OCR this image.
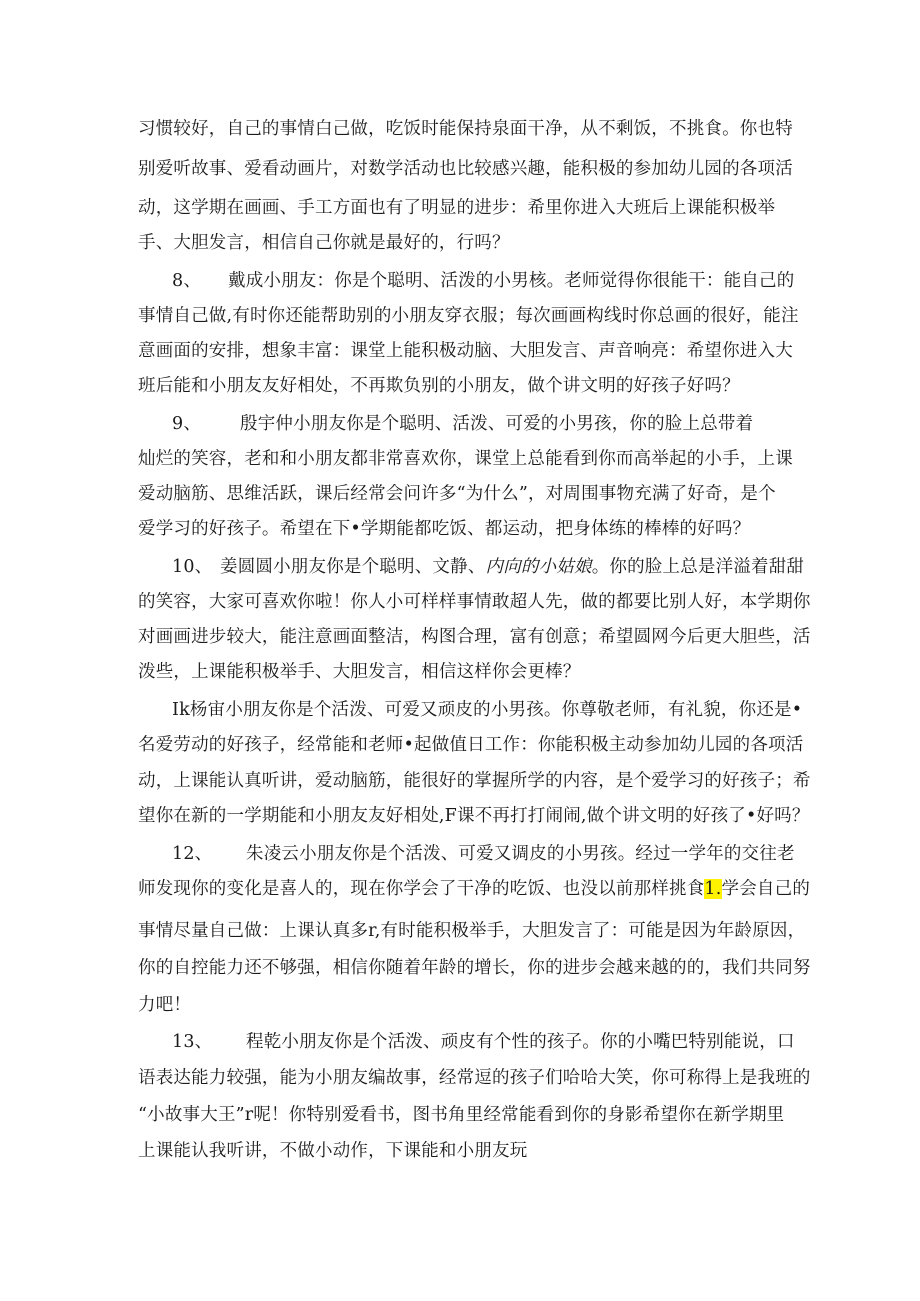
习惯较好，自己的事情白己做，吃饭时能保持泉面干净，从不剩饭，不挑食。你也特
别爱听故事、爱看动画片，对数学活动也比较感兴趣，能积极的参加幼儿园的各项活
动，这学期在画画、手工方面也有了明显的进步：希里你进入大班后上课能积极举
手、大胆发言，相信自己你就是最好的，行吗？
8、 戴成小朋友：你是个聪明、活泼的小男核。老师觉得你很能干：能自己的
事情自己做,有时你还能帮助别的小朋友穿衣服；每次画画构线时你总画的很好，能注
意画面的安排，想象丰富：课堂上能积极动脑、大胆发言、声音响亮：希望你进入大
班后能和小朋友友好相处，不再欺负别的小朋友，做个讲文明的好孩子好吗？
9、 殷宇仲小朋友你是个聪明、活泼、可爱的小男孩，你的脸上总带着
灿烂的笑容，老和和小朋友都非常喜欢你，课堂上总能看到你而高举起的小手，上课
爱动脑筋、思维活跃，课后经常会问许多“为什么”，对周围事物充满了好奇，是个
爱学习的好孩子。希望在下•学期能都吃饭、都运动，把身体练的棒棒的好吗？
10、 姜圆圆小朋友你是个聪明、文静、内向的小姑娘。你的脸上总是洋溢着甜甜
的笑容，大家可喜欢你啦！你人小可样样事情敢超人先，做的都要比别人好，本学期你
对画画进步较大，能注意画面整洁，构图合理，富有创意；希望圆网今后更大胆些，活
泼些，上课能积极举手、大胆发言，相信这样你会更棒？
Ik杨宙小朋友你是个活泼、可爱又顽皮的小男孩。你尊敬老师，有礼貌，你还是•
名爱劳动的好孩子，经常能和老师•起做值日工作：你能积极主动参加幼儿园的各项活
动，上课能认真听讲，爱动脑筋，能很好的掌握所学的内容，是个爱学习的好孩子；希
望你在新的一学期能和小朋友友好相处,F课不再打打闹闹,做个讲文明的好孩了•好吗？
12、 朱凌云小朋友你是个活泼、可爱又调皮的小男孩。经过一学年的交往老
师发现你的变化是喜人的，现在你学会了干净的吃饭、也没以前那样挑食1.学会自己的
事情尽量自己做：上课认真多r,有时能积极举手，大胆发言了：可能是因为年龄原因，
你的自控能力还不够强，相信你随着年龄的增长，你的进步会越来越的的，我们共同努
力吧！
13、 程乾小朋友你是个活泼、顽皮有个性的孩子。你的小嘴巴特别能说，口
语表达能力较强，能为小朋友编故事，经常逗的孩子们哈哈大笑，你可称得上是我班的
“小故事大王”r呢！你特别爱看书，图书角里经常能看到你的身影希望你在新学期里
上课能认我听讲，不做小动作，下课能和小朋友玩
